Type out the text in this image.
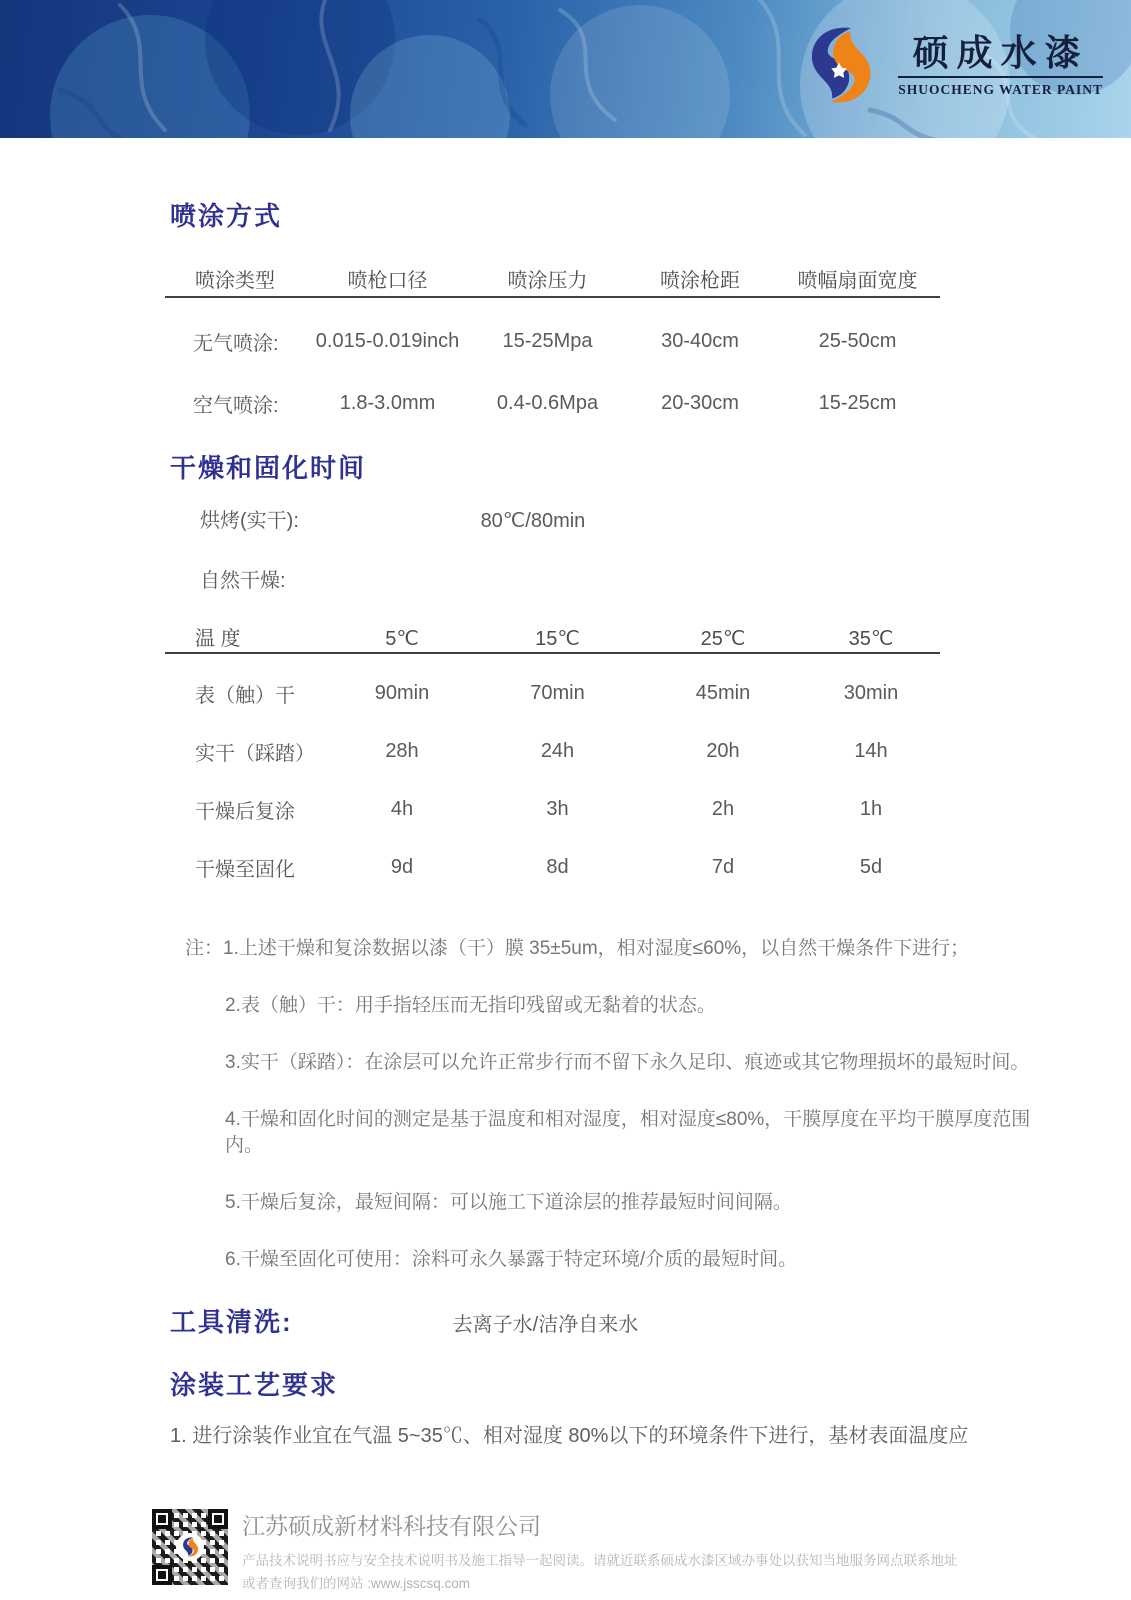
硕成水漆
SHUOCHENG WATER PAINT
喷涂方式
喷涂类型	喷枪口径	喷涂压力	喷涂枪距	喷幅扇面宽度
无气喷涂:	0.015-0.019inch	15-25Mpa	30-40cm	25-50cm
空气喷涂:	1.8-3.0mm	0.4-0.6Mpa	20-30cm	15-25cm
干燥和固化时间
烘烤(实干):	80℃/80min
自然干燥:
温 度	5℃	15℃	25℃	35℃
表（触）干	90min	70min	45min	30min
实干（踩踏）	28h	24h	20h	14h
干燥后复涂	4h	3h	2h	1h
干燥至固化	9d	8d	7d	5d

注：1.上述干燥和复涂数据以漆（干）膜 35±5um，相对湿度≤60%，以自然干燥条件下进行；

2.表（触）干：用手指轻压而无指印残留或无黏着的状态。

3.实干（踩踏）：在涂层可以允许正常步行而不留下永久足印、痕迹或其它物理损坏的最短时间。

4.干燥和固化时间的测定是基于温度和相对湿度，相对湿度≤80%，干膜厚度在平均干膜厚度范围内。

5.干燥后复涂，最短间隔：可以施工下道涂层的推荐最短时间间隔。

6.干燥至固化可使用：涂料可永久暴露于特定环境/介质的最短时间。

工具清洗:	去离子水/洁净自来水
涂装工艺要求

1. 进行涂装作业宜在气温 5~35℃、相对湿度 80%以下的环境条件下进行，基材表面温度应

江苏硕成新材料科技有限公司
产品技术说明书应与安全技术说明书及施工指导一起阅读。请就近联系硕成水漆区域办事处以获知当地服务网点联系地址
或者查询我们的网站 :www.jsscsq.com
